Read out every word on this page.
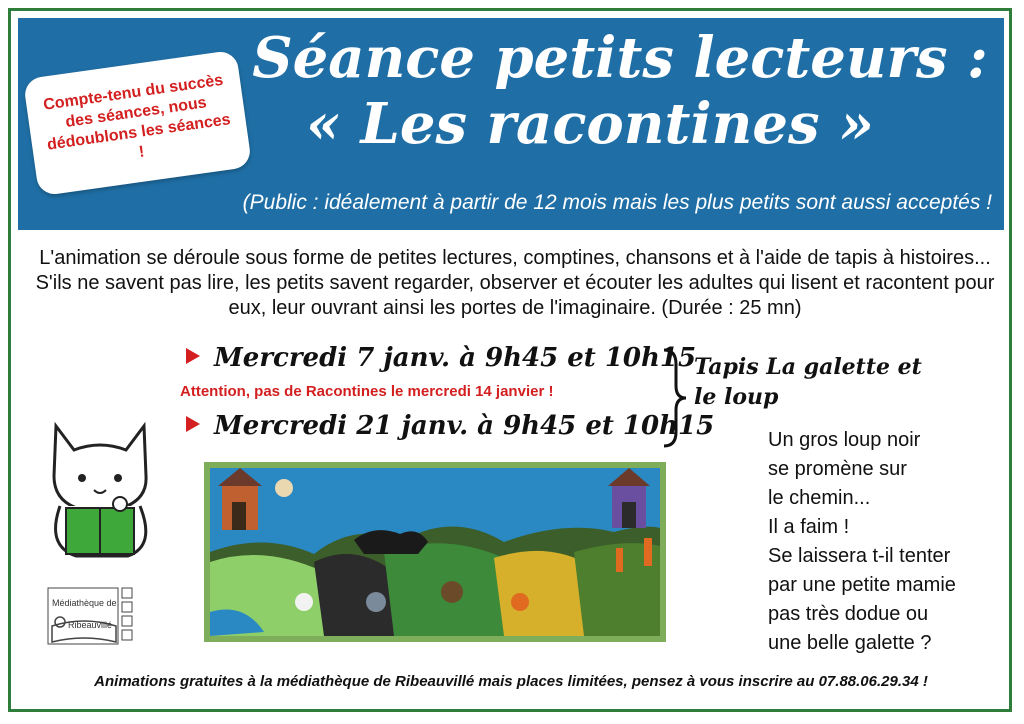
Séance petits lecteurs :
« Les racontines »
(Public : idéalement à partir de 12 mois mais les plus petits sont aussi acceptés !
Compte-tenu du succès des séances, nous dédoublons les séances !
L'animation se déroule sous forme de petites lectures, comptines, chansons et à l'aide de tapis à histoires... S'ils ne savent pas lire, les petits savent regarder, observer et écouter les adultes qui lisent et racontent pour eux, leur ouvrant ainsi les portes de l'imaginaire. (Durée : 25 mn)
Mercredi 7 janv. à 9h45 et 10h15
Attention, pas de Racontines le mercredi 14 janvier !
Mercredi 21 janv. à 9h45 et 10h15
Tapis La galette et le loup
Un gros loup noir
se promène sur
le chemin...
Il a faim !
Se laissera t-il tenter
par une petite mamie
pas très dodue ou
une belle galette ?
Médiathèque de
Ribeauvillé
Animations gratuites à la médiathèque de Ribeauvillé mais places limitées, pensez à vous inscrire au 07.88.06.29.34 !
